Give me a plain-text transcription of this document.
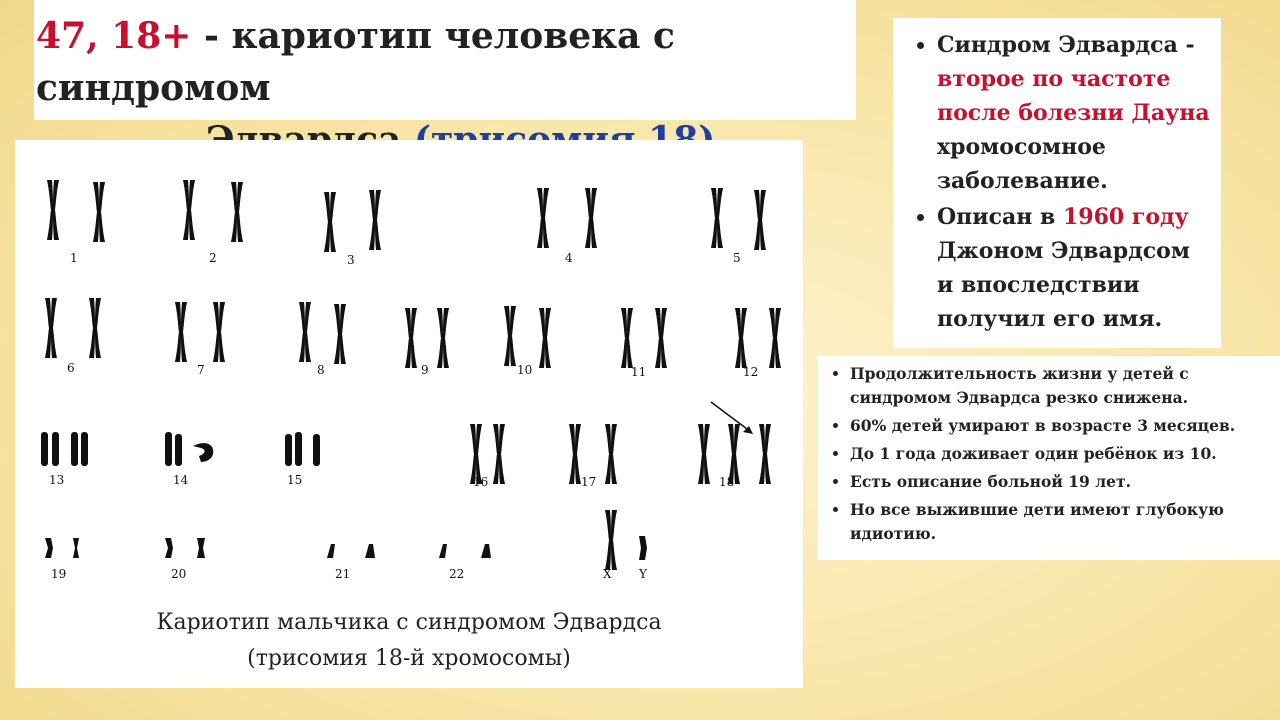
47, 18+ - кариотип человека с синдромом
1	2	3	4	5
6	7	8	9	10	11	12
13	14	15	16	17	18
19	20	21	22	X Y
Кариотип мальчика с синдромом Эдвардса
(трисомия 18-й хромосомы)
• Синдром Эдвардса - второе по частоте после болезни Дауна хромосомное заболевание.
• Описан в 1960 году Джоном Эдвардсом и впоследствии получил его имя.
• Продолжительность жизни у детей с синдромом Эдвардса резко снижена.
• 60% детей умирают в возрасте 3 месяцев.
• До 1 года доживает один ребёнок из 10.
• Есть описание больной 19 лет.
• Но все выжившие дети имеют глубокую идиотию.
